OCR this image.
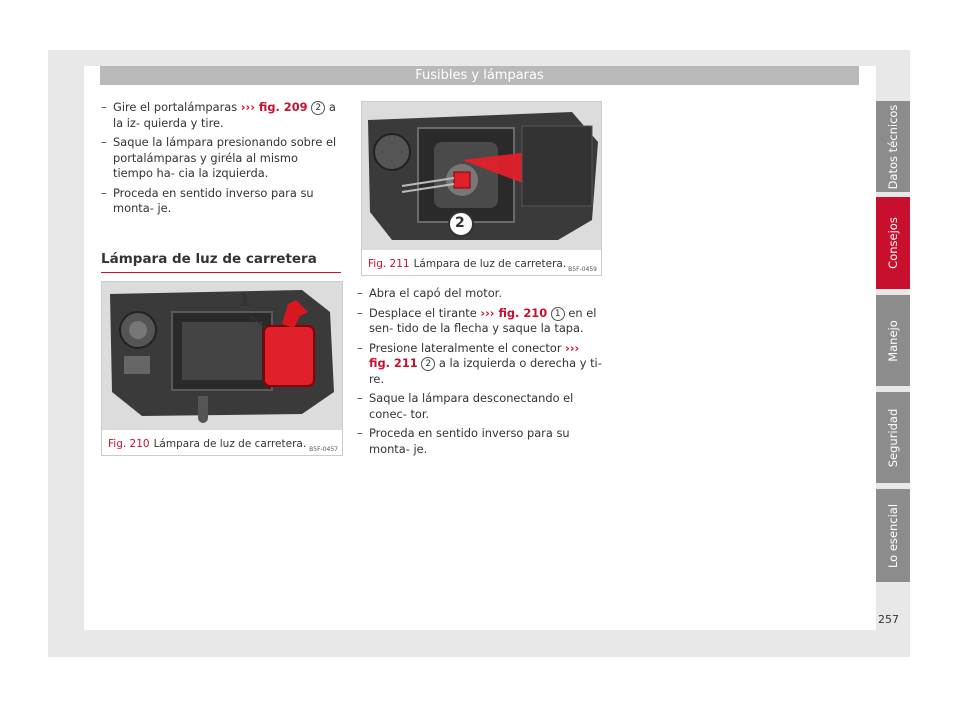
Fusibles y lámparas
– Gire el portalámparas ››› fig. 209 2 a la iz- quierda y tire.
– Saque la lámpara presionando sobre el portalámparas y giréla al mismo tiempo ha- cia la izquierda.
– Proceda en sentido inverso para su monta- je.
Lámpara de luz de carretera
1
B5F-0457
Fig. 210 Lámpara de luz de carretera.
2
B5F-0459
Fig. 211 Lámpara de luz de carretera.
– Abra el capó del motor.
– Desplace el tirante ››› fig. 210 1 en el sen- tido de la flecha y saque la tapa.
– Presione lateralmente el conector ››› fig. 211 2 a la izquierda o derecha y ti- re.
– Saque la lámpara desconectando el conec- tor.
– Proceda en sentido inverso para su monta- je.
Datos técnicos
Consejos
Manejo
Seguridad
Lo esencial
257
